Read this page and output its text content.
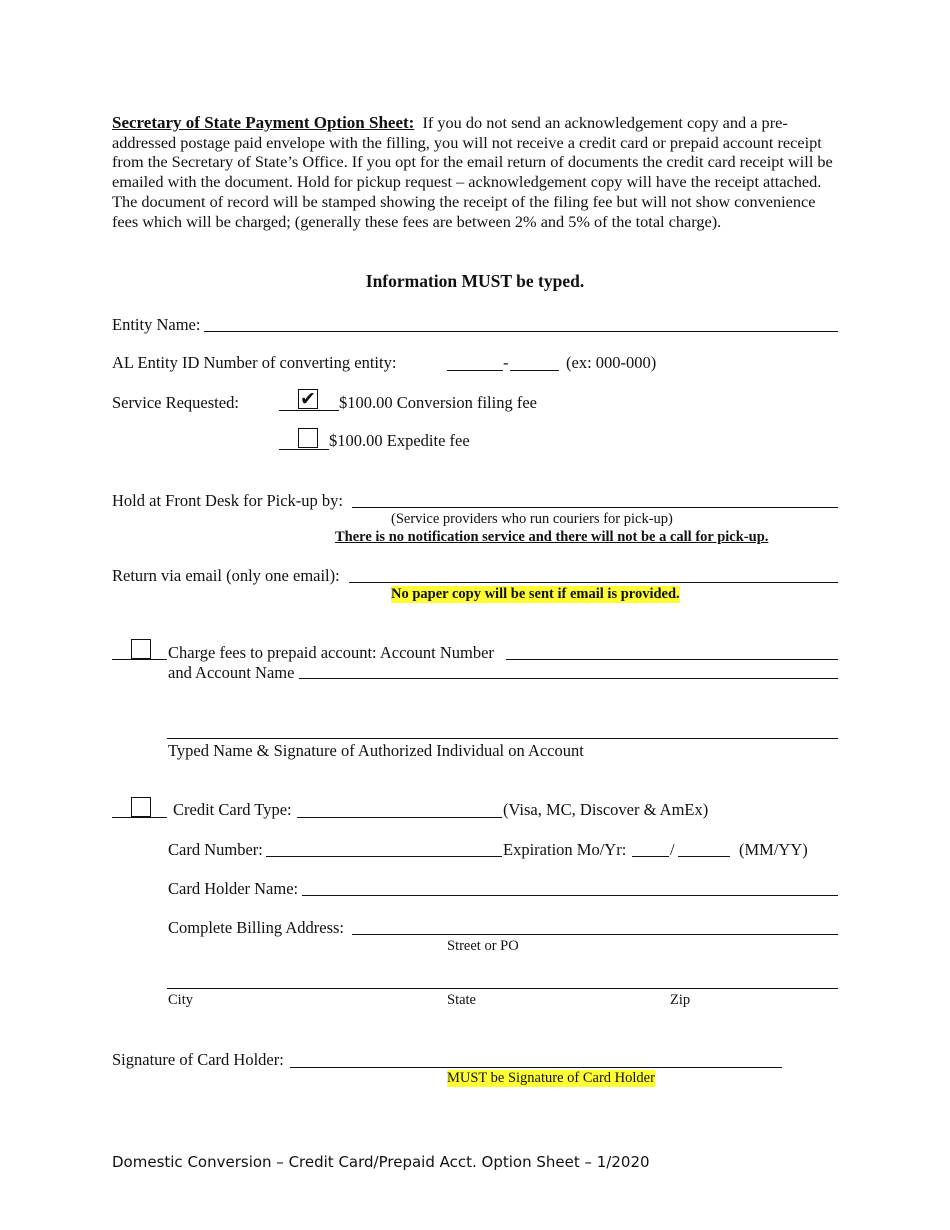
Secretary of State Payment Option Sheet: If you do not send an acknowledgement copy and a pre-addressed postage paid envelope with the filling, you will not receive a credit card or prepaid account receipt from the Secretary of State’s Office. If you opt for the email return of documents the credit card receipt will be emailed with the document. Hold for pickup request – acknowledgement copy will have the receipt attached. The document of record will be stamped showing the receipt of the filing fee but will not show convenience fees which will be charged; (generally these fees are between 2% and 5% of the total charge).
Information MUST be typed.
Entity Name:
AL Entity ID Number of converting entity:	-	(ex: 000-000)
Service Requested:	✔ $100.00 Conversion filing fee
$100.00 Expedite fee
Hold at Front Desk for Pick-up by:
(Service providers who run couriers for pick-up)
There is no notification service and there will not be a call for pick-up.
Return via email (only one email):
No paper copy will be sent if email is provided.
Charge fees to prepaid account: Account Number
and Account Name
Typed Name & Signature of Authorized Individual on Account
Credit Card Type:	(Visa, MC, Discover & AmEx)
Card Number:	Expiration Mo/Yr:	/	(MM/YY)
Card Holder Name:
Complete Billing Address:
Street or PO
City	State	Zip
Signature of Card Holder:
MUST be Signature of Card Holder
Domestic Conversion – Credit Card/Prepaid Acct. Option Sheet – 1/2020
